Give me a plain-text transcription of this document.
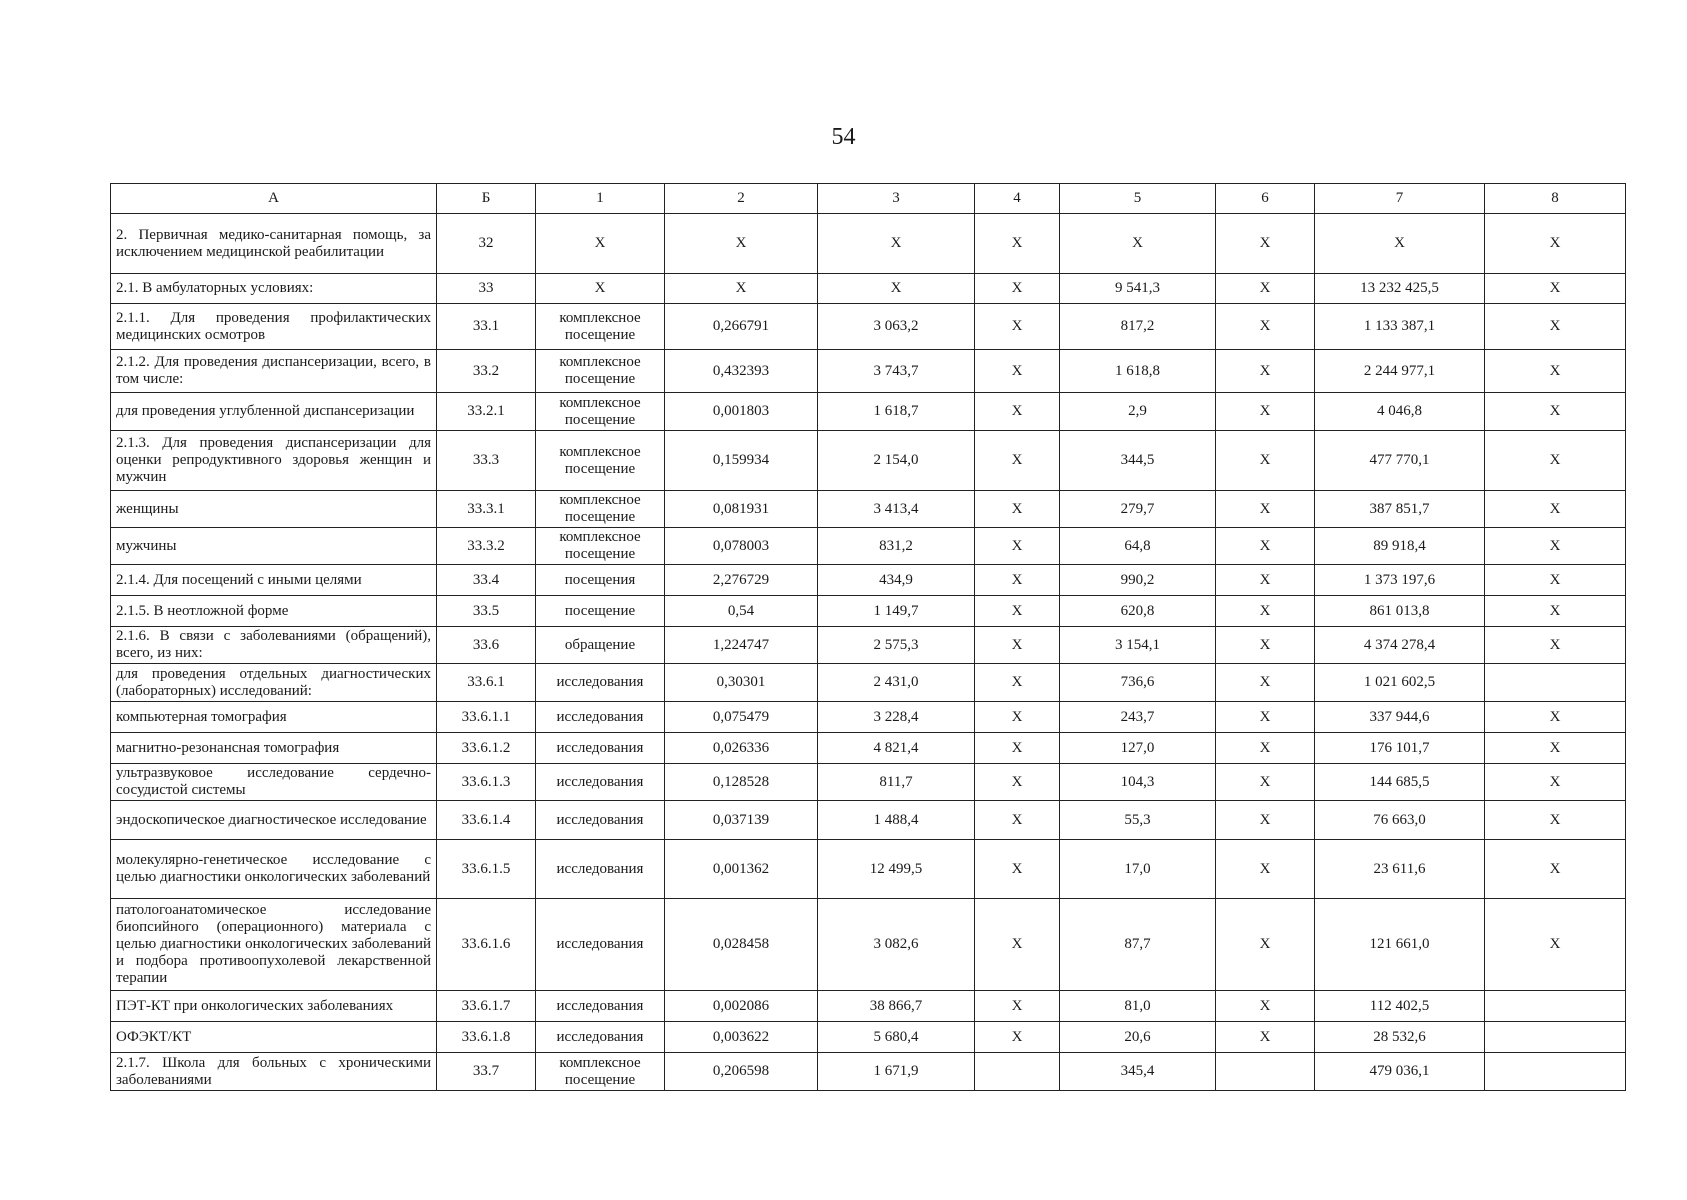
54
А	Б	1	2	3	4	5	6	7	8
2. Первичная медико-санитарная помощь, за исключением медицинской реабилитации	32	X	X	X	X	X	X	X	X
2.1. В амбулаторных условиях:	33	X	X	X	X	9 541,3	X	13 232 425,5	X
2.1.1. Для проведения профилактических медицинских осмотров	33.1	комплексное посещение	0,266791	3 063,2	X	817,2	X	1 133 387,1	X
2.1.2. Для проведения диспансеризации, всего, в том числе:	33.2	комплексное посещение	0,432393	3 743,7	X	1 618,8	X	2 244 977,1	X
для проведения углубленной диспансеризации	33.2.1	комплексное посещение	0,001803	1 618,7	X	2,9	X	4 046,8	X
2.1.3. Для проведения диспансеризации для оценки репродуктивного здоровья женщин и мужчин	33.3	комплексное посещение	0,159934	2 154,0	X	344,5	X	477 770,1	X
женщины	33.3.1	комплексное посещение	0,081931	3 413,4	X	279,7	X	387 851,7	X
мужчины	33.3.2	комплексное посещение	0,078003	831,2	X	64,8	X	89 918,4	X
2.1.4. Для посещений с иными целями	33.4	посещения	2,276729	434,9	X	990,2	X	1 373 197,6	X
2.1.5. В неотложной форме	33.5	посещение	0,54	1 149,7	X	620,8	X	861 013,8	X
2.1.6. В связи с заболеваниями (обращений), всего, из них:	33.6	обращение	1,224747	2 575,3	X	3 154,1	X	4 374 278,4	X
для проведения отдельных диагностических (лабораторных) исследований:	33.6.1	исследования	0,30301	2 431,0	X	736,6	X	1 021 602,5	
компьютерная томография	33.6.1.1	исследования	0,075479	3 228,4	X	243,7	X	337 944,6	X
магнитно-резонансная томография	33.6.1.2	исследования	0,026336	4 821,4	X	127,0	X	176 101,7	X
ультразвуковое исследование сердечно-сосудистой системы	33.6.1.3	исследования	0,128528	811,7	X	104,3	X	144 685,5	X
эндоскопическое диагностическое исследование	33.6.1.4	исследования	0,037139	1 488,4	X	55,3	X	76 663,0	X
молекулярно-генетическое исследование с целью диагностики онкологических заболеваний	33.6.1.5	исследования	0,001362	12 499,5	X	17,0	X	23 611,6	X
патологоанатомическое исследование биопсийного (операционного) материала с целью диагностики онкологических заболеваний и подбора противоопухолевой лекарственной терапии	33.6.1.6	исследования	0,028458	3 082,6	X	87,7	X	121 661,0	X
ПЭТ-КТ при онкологических заболеваниях	33.6.1.7	исследования	0,002086	38 866,7	X	81,0	X	112 402,5	
ОФЭКТ/КТ	33.6.1.8	исследования	0,003622	5 680,4	X	20,6	X	28 532,6	
2.1.7. Школа для больных с хроническими заболеваниями	33.7	комплексное посещение	0,206598	1 671,9		345,4		479 036,1	
